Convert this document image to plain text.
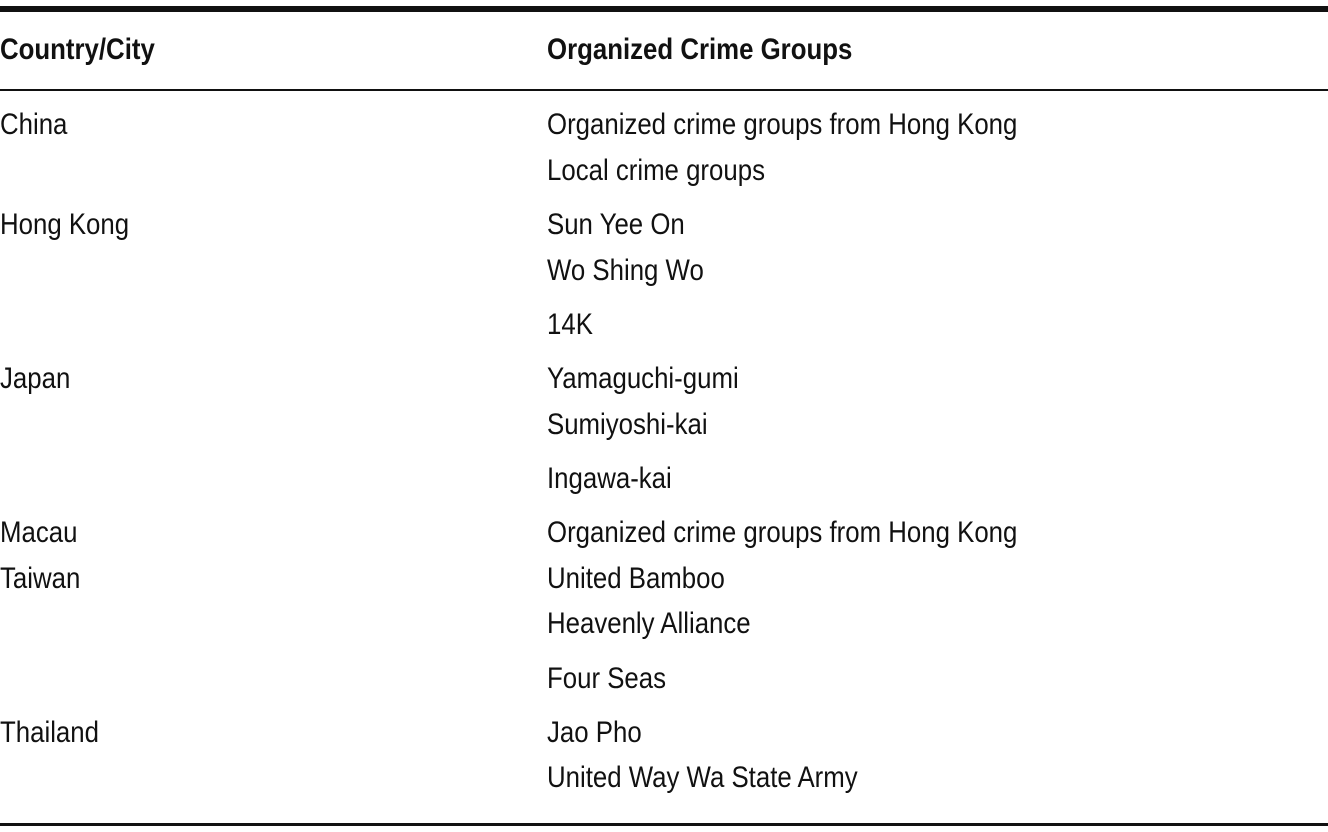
Country/City	Organized Crime Groups
China	Organized crime groups from Hong Kong
Local crime groups
Hong Kong	Sun Yee On
Wo Shing Wo
14K
Japan	Yamaguchi-gumi
Sumiyoshi-kai
Ingawa-kai
Macau	Organized crime groups from Hong Kong
Taiwan	United Bamboo
Heavenly Alliance
Four Seas
Thailand	Jao Pho
United Way Wa State Army
